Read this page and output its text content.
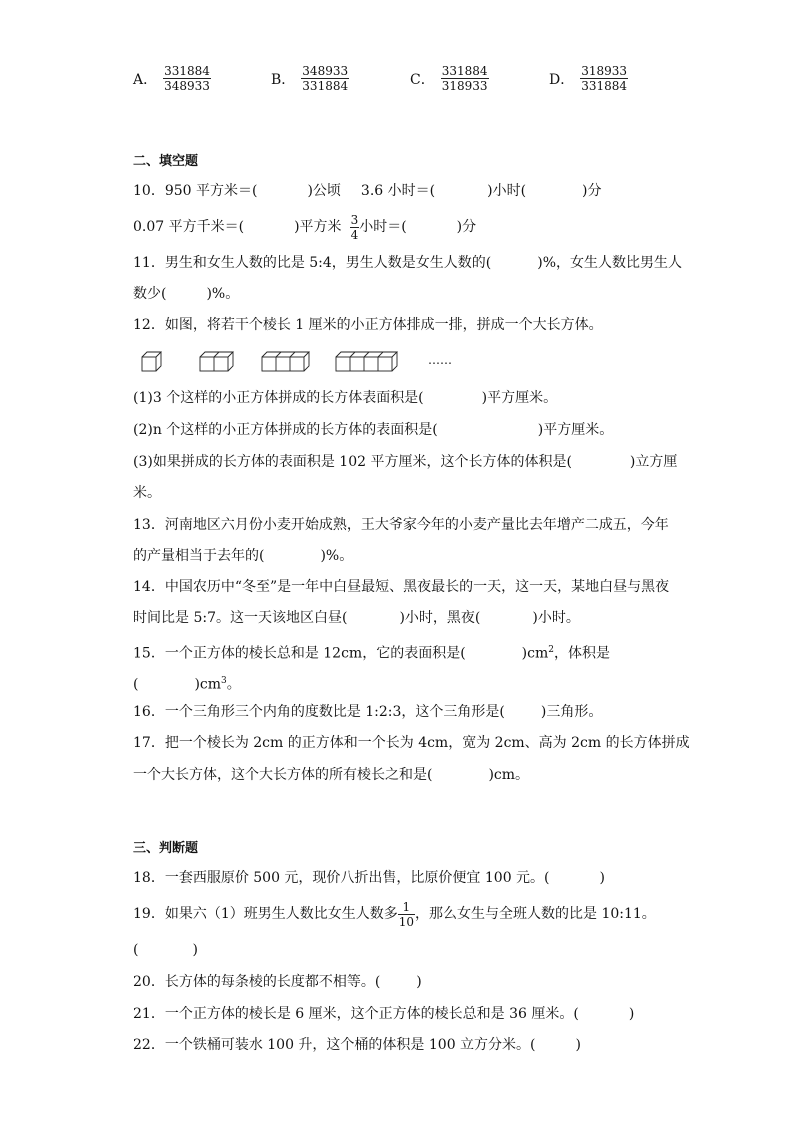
A． $\frac{331884}{348933}$	B． $\frac{348933}{331884}$	C． $\frac{331884}{318933}$	D． $\frac{318933}{331884}$
二、填空题
10．950 平方米＝(	)公顷 3.6 小时＝(	)小时(	)分
0.07 平方千米＝(	)平方米 $\frac{3}{4}$ 小时＝(	)分
11．男生和女生人数的比是 5:4，男生人数是女生人数的(	)%，女生人数比男生人
数少(	)%。
12．如图，将若干个棱长 1 厘米的小正方体排成一排，拼成一个大长方体。
……
(1)3 个这样的小正方体拼成的长方体表面积是(	)平方厘米。
(2)n 个这样的小正方体拼成的长方体的表面积是(	)平方厘米。
(3)如果拼成的长方体的表面积是 102 平方厘米，这个长方体的体积是(	)立方厘
米。
13．河南地区六月份小麦开始成熟，王大爷家今年的小麦产量比去年增产二成五，今年
的产量相当于去年的(	)%。
14．中国农历中“冬至”是一年中白昼最短、黑夜最长的一天，这一天，某地白昼与黑夜
时间比是 5:7。这一天该地区白昼(	)小时，黑夜(	)小时。
15．一个正方体的棱长总和是 12cm，它的表面积是(	)$cm^2$，体积是
(	)$cm^3$。
16．一个三角形三个内角的度数比是 1:2:3，这个三角形是(	)三角形。
17．把一个棱长为 2cm 的正方体和一个长为 4cm，宽为 2cm、高为 2cm 的长方体拼成
一个大长方体，这个大长方体的所有棱长之和是(	)cm。
三、判断题
18．一套西服原价 500 元，现价八折出售，比原价便宜 100 元。(	)
19．如果六（1）班男生人数比女生人数多 $\frac{1}{10}$ ，那么女生与全班人数的比是 10:11。
(	)
20．长方体的每条棱的长度都不相等。(	)
21．一个正方体的棱长是 6 厘米，这个正方体的棱长总和是 36 厘米。(	)
22．一个铁桶可装水 100 升，这个桶的体积是 100 立方分米。(	)
